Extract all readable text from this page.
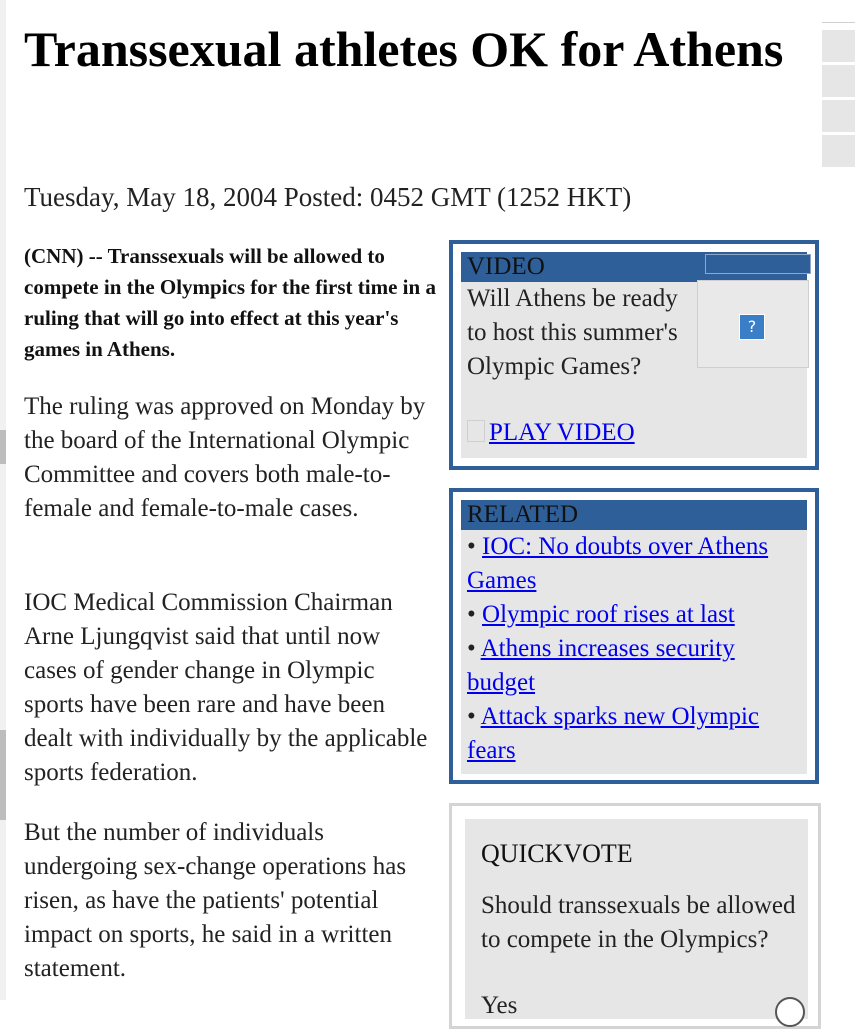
Transsexual athletes OK for Athens
Tuesday, May 18, 2004 Posted: 0452 GMT (1252 HKT)
(CNN) -- Transsexuals will be allowed to compete in the Olympics for the first time in a ruling that will go into effect at this year's games in Athens.
The ruling was approved on Monday by the board of the International Olympic Committee and covers both male-to-female and female-to-male cases.
IOC Medical Commission Chairman Arne Ljungqvist said that until now cases of gender change in Olympic sports have been rare and have been dealt with individually by the applicable sports federation.
But the number of individuals undergoing sex-change operations has risen, as have the patients' potential impact on sports, he said in a written statement.
VIDEO
Will Athens be ready to host this summer's Olympic Games?
?
PLAY VIDEO
RELATED
• IOC: No doubts over Athens Games
• Olympic roof rises at last
• Athens increases security budget
• Attack sparks new Olympic fears
QUICKVOTE
Should transsexuals be allowed to compete in the Olympics?
Yes
